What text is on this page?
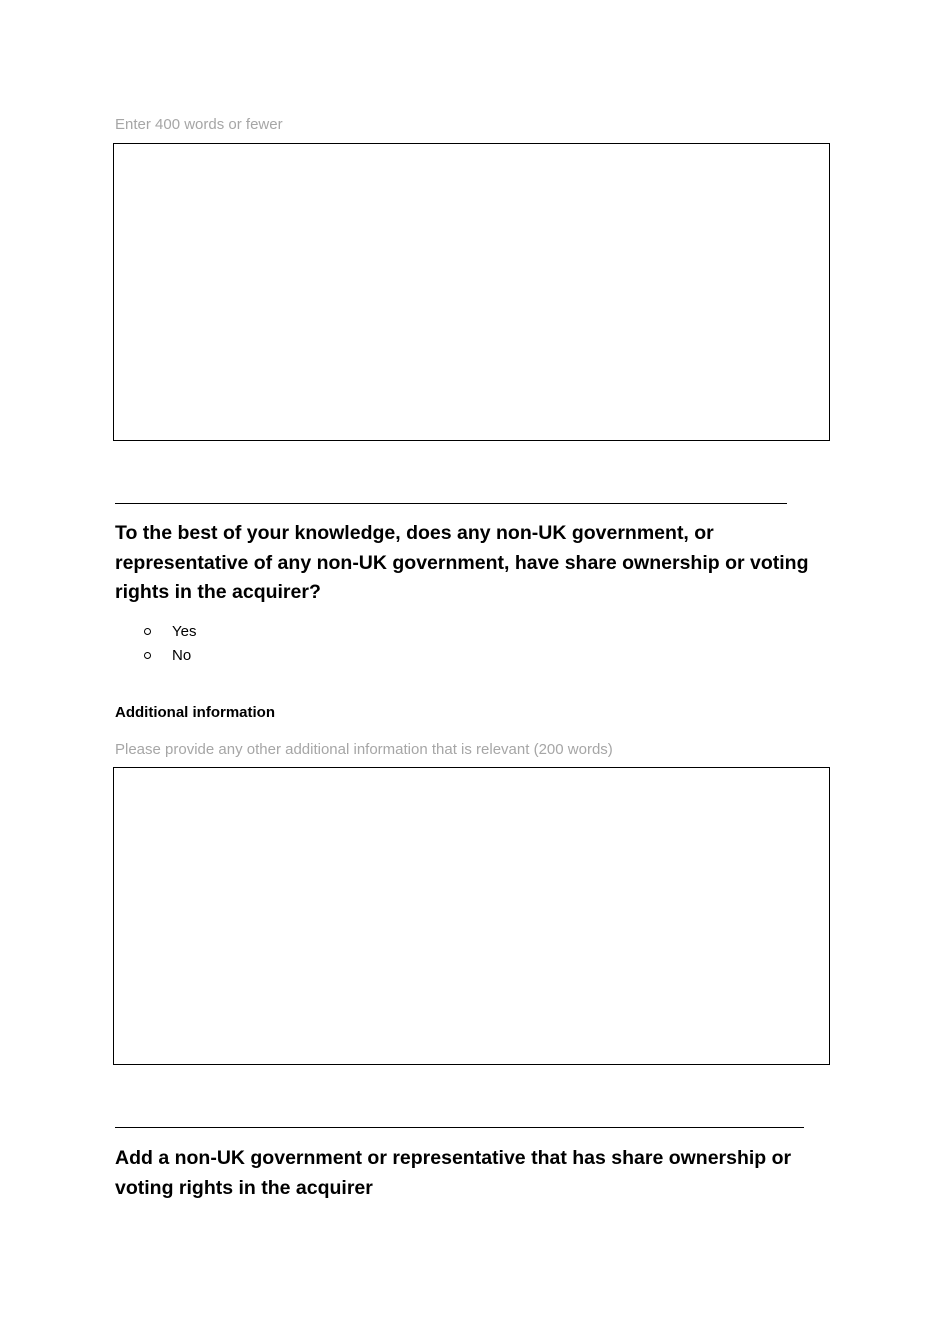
Enter 400 words or fewer

To the best of your knowledge, does any non-UK government, or representative of any non-UK government, have share ownership or voting rights in the acquirer?

Yes
No

Additional information

Please provide any other additional information that is relevant (200 words)

Add a non-UK government or representative that has share ownership or voting rights in the acquirer
